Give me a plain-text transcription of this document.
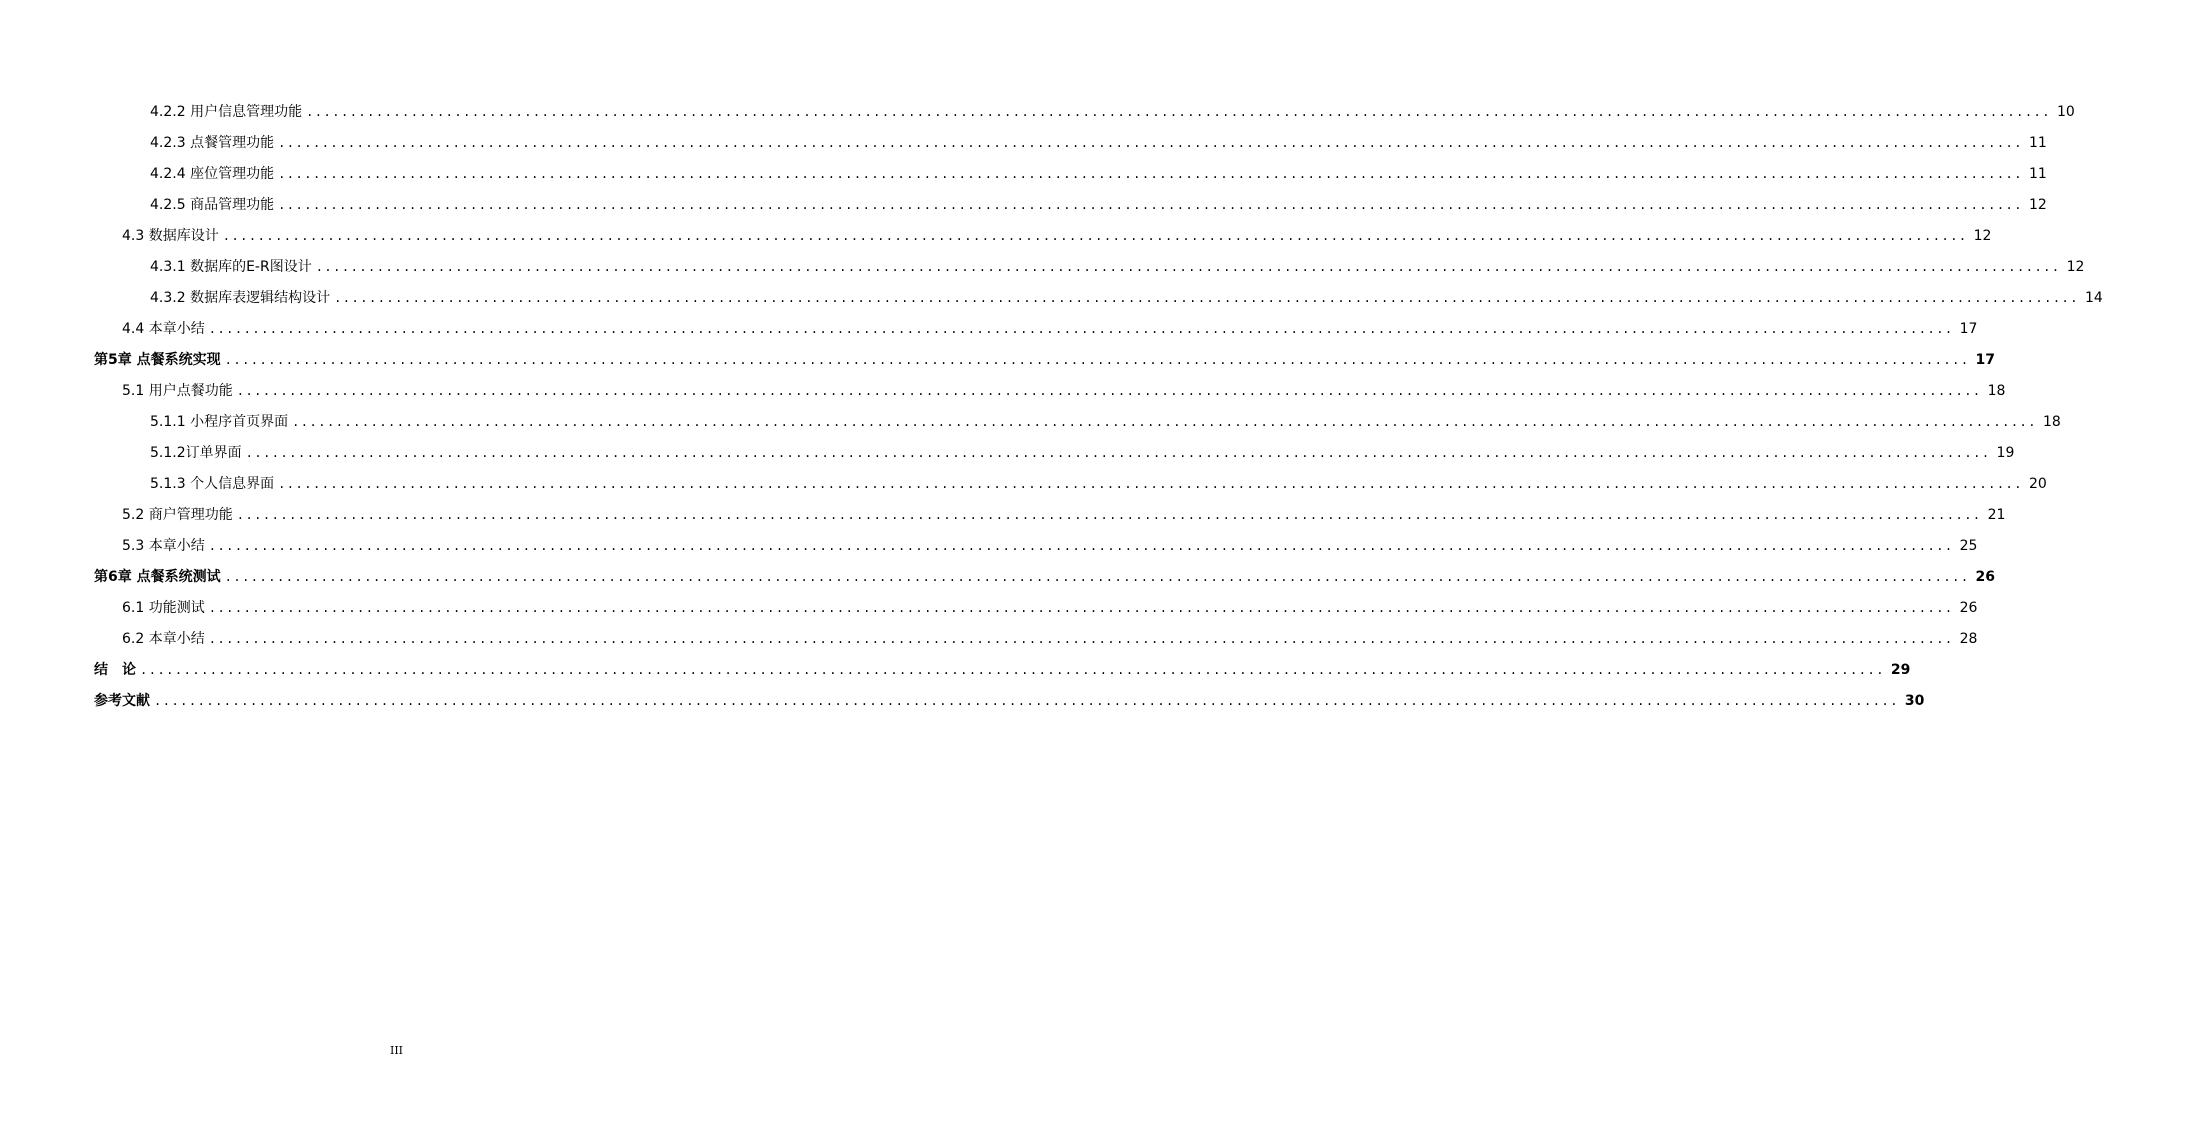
4.2.2 用户信息管理功能 ........................................................................................................................................................................................................ 10
4.2.3 点餐管理功能 ........................................................................................................................................................................................................ 11
4.2.4 座位管理功能 ........................................................................................................................................................................................................ 11
4.2.5 商品管理功能 ........................................................................................................................................................................................................ 12
4.3 数据库设计 ........................................................................................................................................................................................................ 12
4.3.1 数据库的E-R图设计 ........................................................................................................................................................................................................ 12
4.3.2 数据库表逻辑结构设计 ........................................................................................................................................................................................................ 14
4.4 本章小结 ........................................................................................................................................................................................................ 17
第5章 点餐系统实现 ........................................................................................................................................................................................................ 17
5.1 用户点餐功能 ........................................................................................................................................................................................................ 18
5.1.1 小程序首页界面 ........................................................................................................................................................................................................ 18
5.1.2订单界面 ........................................................................................................................................................................................................ 19
5.1.3 个人信息界面 ........................................................................................................................................................................................................ 20
5.2 商户管理功能 ........................................................................................................................................................................................................ 21
5.3 本章小结 ........................................................................................................................................................................................................ 25
第6章 点餐系统测试 ........................................................................................................................................................................................................ 26
6.1 功能测试 ........................................................................................................................................................................................................ 26
6.2 本章小结 ........................................................................................................................................................................................................ 28
结　论 ........................................................................................................................................................................................................ 29
参考文献 ........................................................................................................................................................................................................ 30
III
